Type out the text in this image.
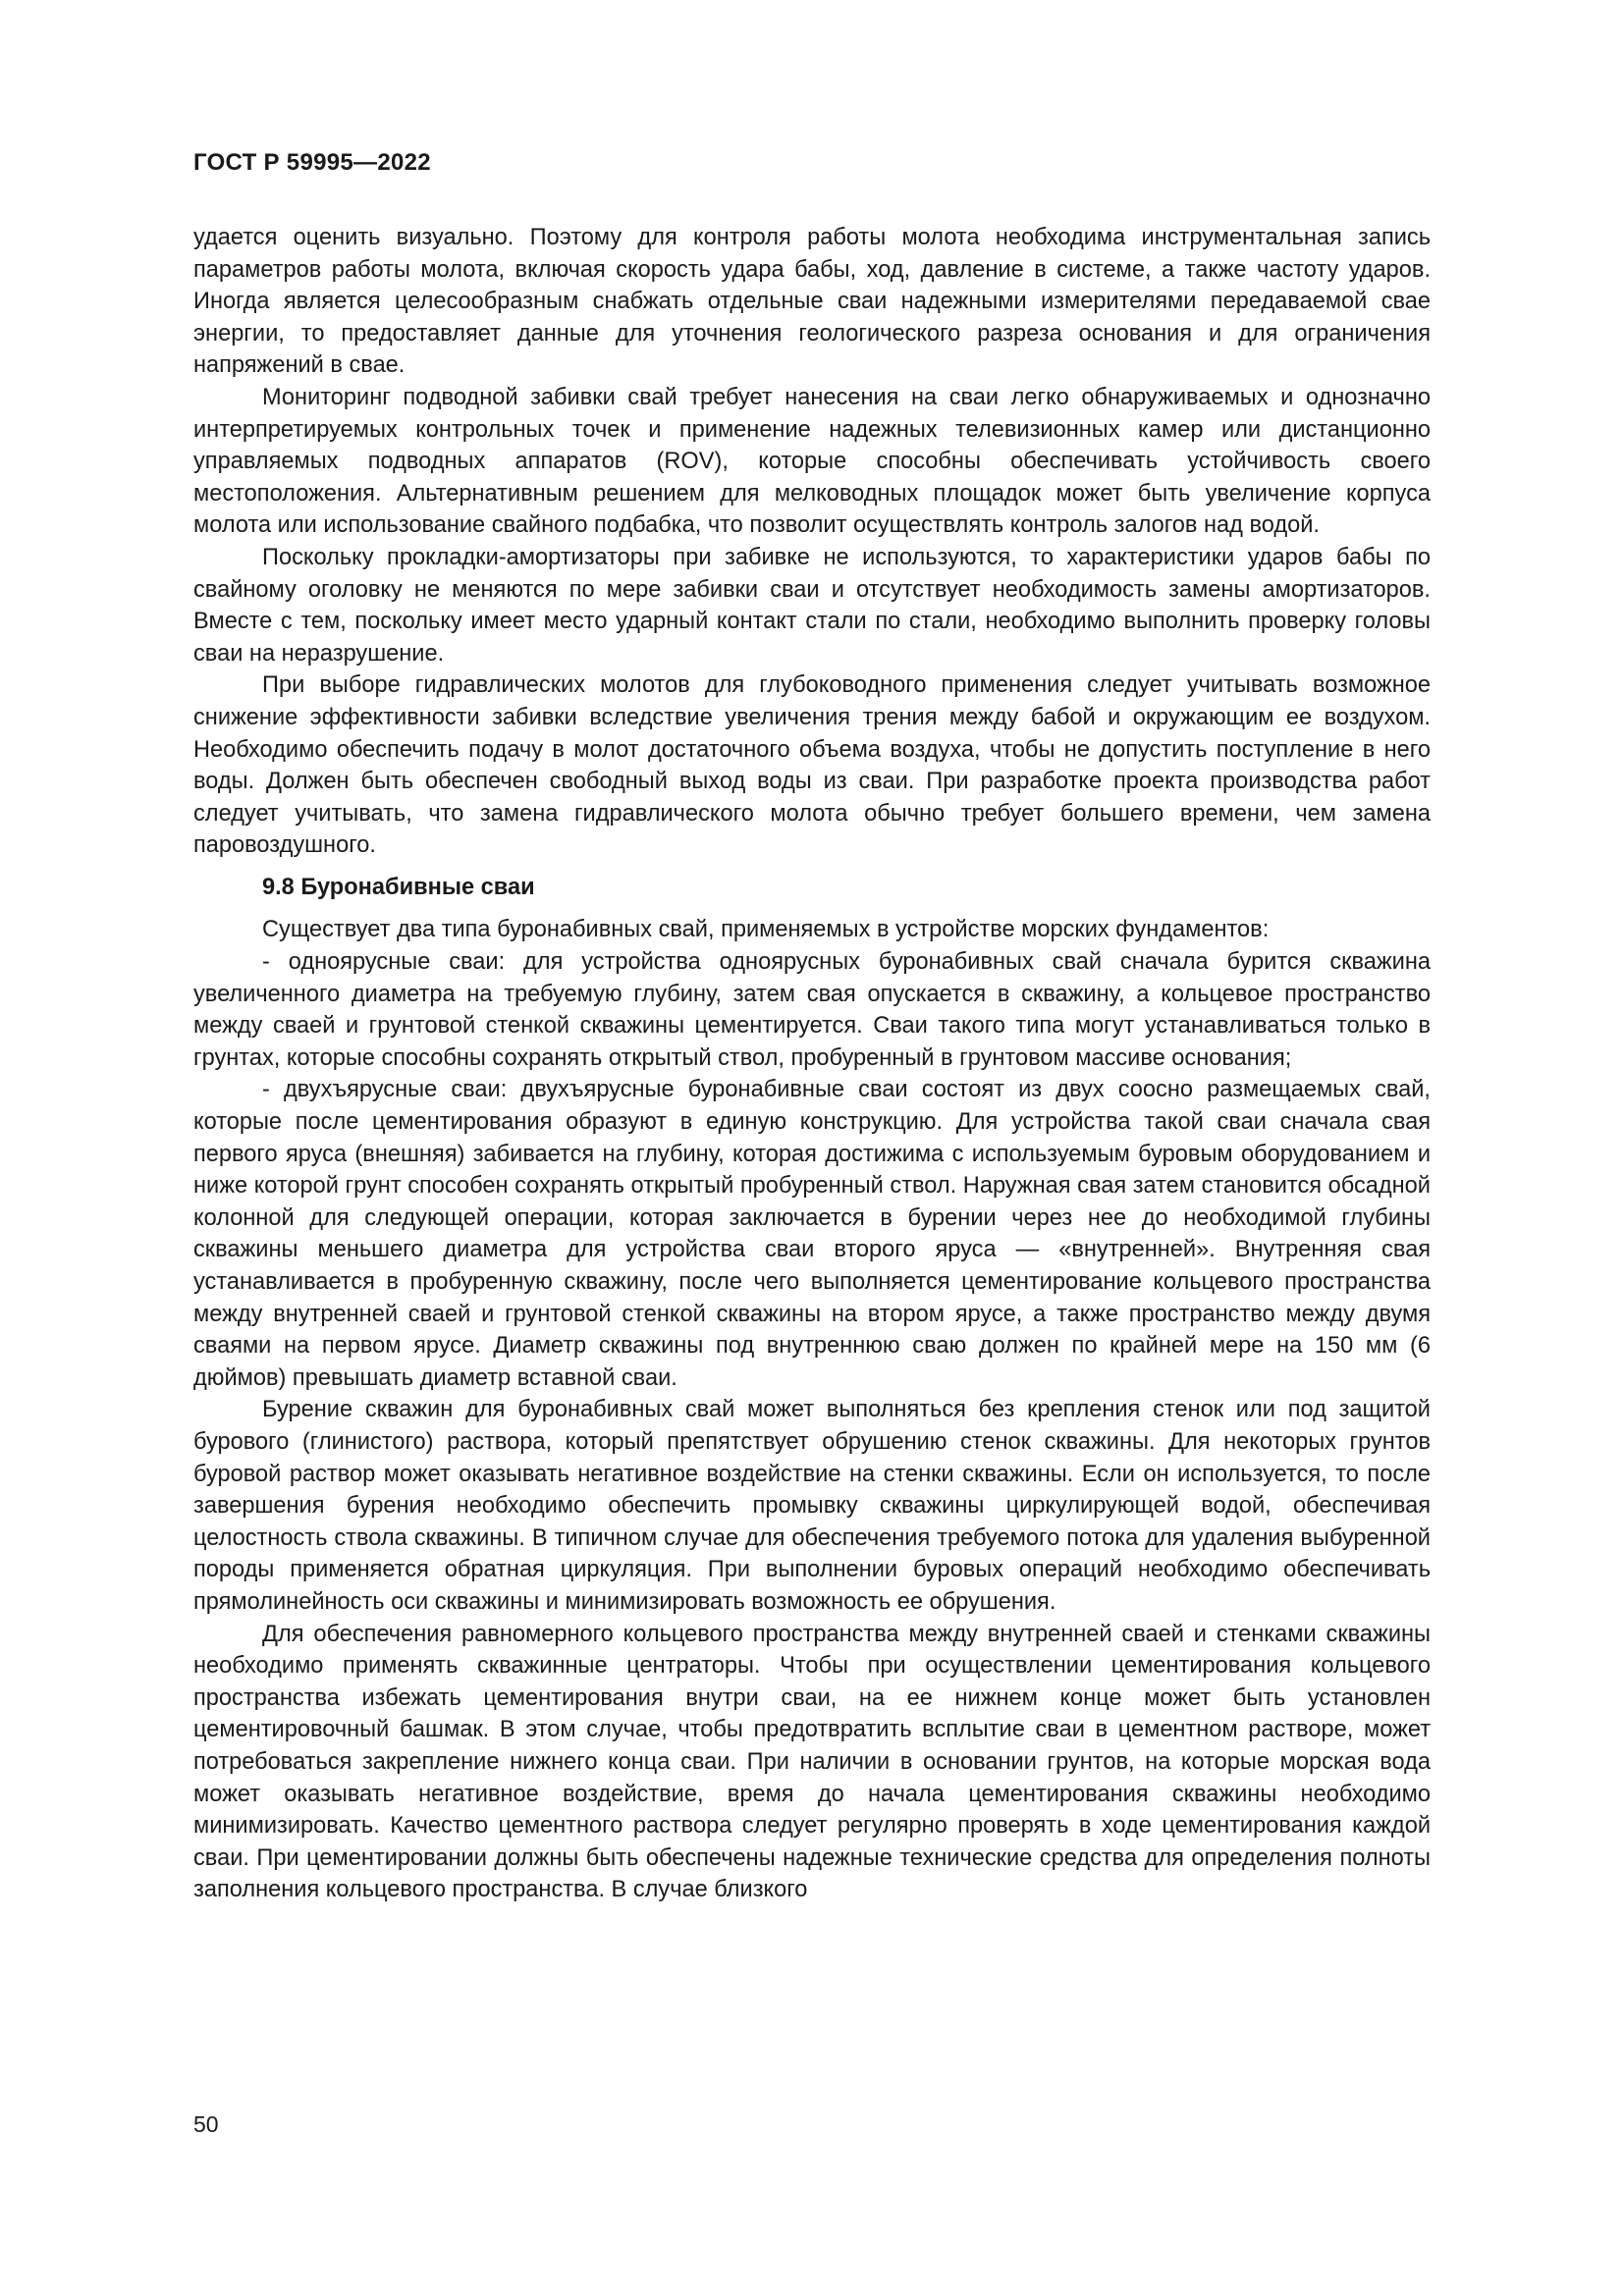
ГОСТ Р 59995—2022

удается оценить визуально. Поэтому для контроля работы молота необходима инструментальная запись параметров работы молота, включая скорость удара бабы, ход, давление в системе, а также частоту ударов. Иногда является целесообразным снабжать отдельные сваи надежными измерителями передаваемой свае энергии, то предоставляет данные для уточнения геологического разреза основания и для ограничения напряжений в свае.

Мониторинг подводной забивки свай требует нанесения на сваи легко обнаруживаемых и однозначно интерпретируемых контрольных точек и применение надежных телевизионных камер или дистанционно управляемых подводных аппаратов (ROV), которые способны обеспечивать устойчивость своего местоположения. Альтернативным решением для мелководных площадок может быть увеличение корпуса молота или использование свайного подбабка, что позволит осуществлять контроль залогов над водой.

Поскольку прокладки-амортизаторы при забивке не используются, то характеристики ударов бабы по свайному оголовку не меняются по мере забивки сваи и отсутствует необходимость замены амортизаторов. Вместе с тем, поскольку имеет место ударный контакт стали по стали, необходимо выполнить проверку головы сваи на неразрушение.

При выборе гидравлических молотов для глубоководного применения следует учитывать возможное снижение эффективности забивки вследствие увеличения трения между бабой и окружающим ее воздухом. Необходимо обеспечить подачу в молот достаточного объема воздуха, чтобы не допустить поступление в него воды. Должен быть обеспечен свободный выход воды из сваи. При разработке проекта производства работ следует учитывать, что замена гидравлического молота обычно требует большего времени, чем замена паровоздушного.

9.8 Буронабивные сваи

Существует два типа буронабивных свай, применяемых в устройстве морских фундаментов:

- одноярусные сваи: для устройства одноярусных буронабивных свай сначала бурится скважина увеличенного диаметра на требуемую глубину, затем свая опускается в скважину, а кольцевое пространство между сваей и грунтовой стенкой скважины цементируется. Сваи такого типа могут устанавливаться только в грунтах, которые способны сохранять открытый ствол, пробуренный в грунтовом массиве основания;

- двухъярусные сваи: двухъярусные буронабивные сваи состоят из двух соосно размещаемых свай, которые после цементирования образуют в единую конструкцию. Для устройства такой сваи сначала свая первого яруса (внешняя) забивается на глубину, которая достижима с используемым буровым оборудованием и ниже которой грунт способен сохранять открытый пробуренный ствол. Наружная свая затем становится обсадной колонной для следующей операции, которая заключается в бурении через нее до необходимой глубины скважины меньшего диаметра для устройства сваи второго яруса — «внутренней». Внутренняя свая устанавливается в пробуренную скважину, после чего выполняется цементирование кольцевого пространства между внутренней сваей и грунтовой стенкой скважины на втором ярусе, а также пространство между двумя сваями на первом ярусе. Диаметр скважины под внутреннюю сваю должен по крайней мере на 150 мм (6 дюймов) превышать диаметр вставной сваи.

Бурение скважин для буронабивных свай может выполняться без крепления стенок или под защитой бурового (глинистого) раствора, который препятствует обрушению стенок скважины. Для некоторых грунтов буровой раствор может оказывать негативное воздействие на стенки скважины. Если он используется, то после завершения бурения необходимо обеспечить промывку скважины циркулирующей водой, обеспечивая целостность ствола скважины. В типичном случае для обеспечения требуемого потока для удаления выбуренной породы применяется обратная циркуляция. При выполнении буровых операций необходимо обеспечивать прямолинейность оси скважины и минимизировать возможность ее обрушения.

Для обеспечения равномерного кольцевого пространства между внутренней сваей и стенками скважины необходимо применять скважинные центраторы. Чтобы при осуществлении цементирования кольцевого пространства избежать цементирования внутри сваи, на ее нижнем конце может быть установлен цементировочный башмак. В этом случае, чтобы предотвратить всплытие сваи в цементном растворе, может потребоваться закрепление нижнего конца сваи. При наличии в основании грунтов, на которые морская вода может оказывать негативное воздействие, время до начала цементирования скважины необходимо минимизировать. Качество цементного раствора следует регулярно проверять в ходе цементирования каждой сваи. При цементировании должны быть обеспечены надежные технические средства для определения полноты заполнения кольцевого пространства. В случае близкого

50
